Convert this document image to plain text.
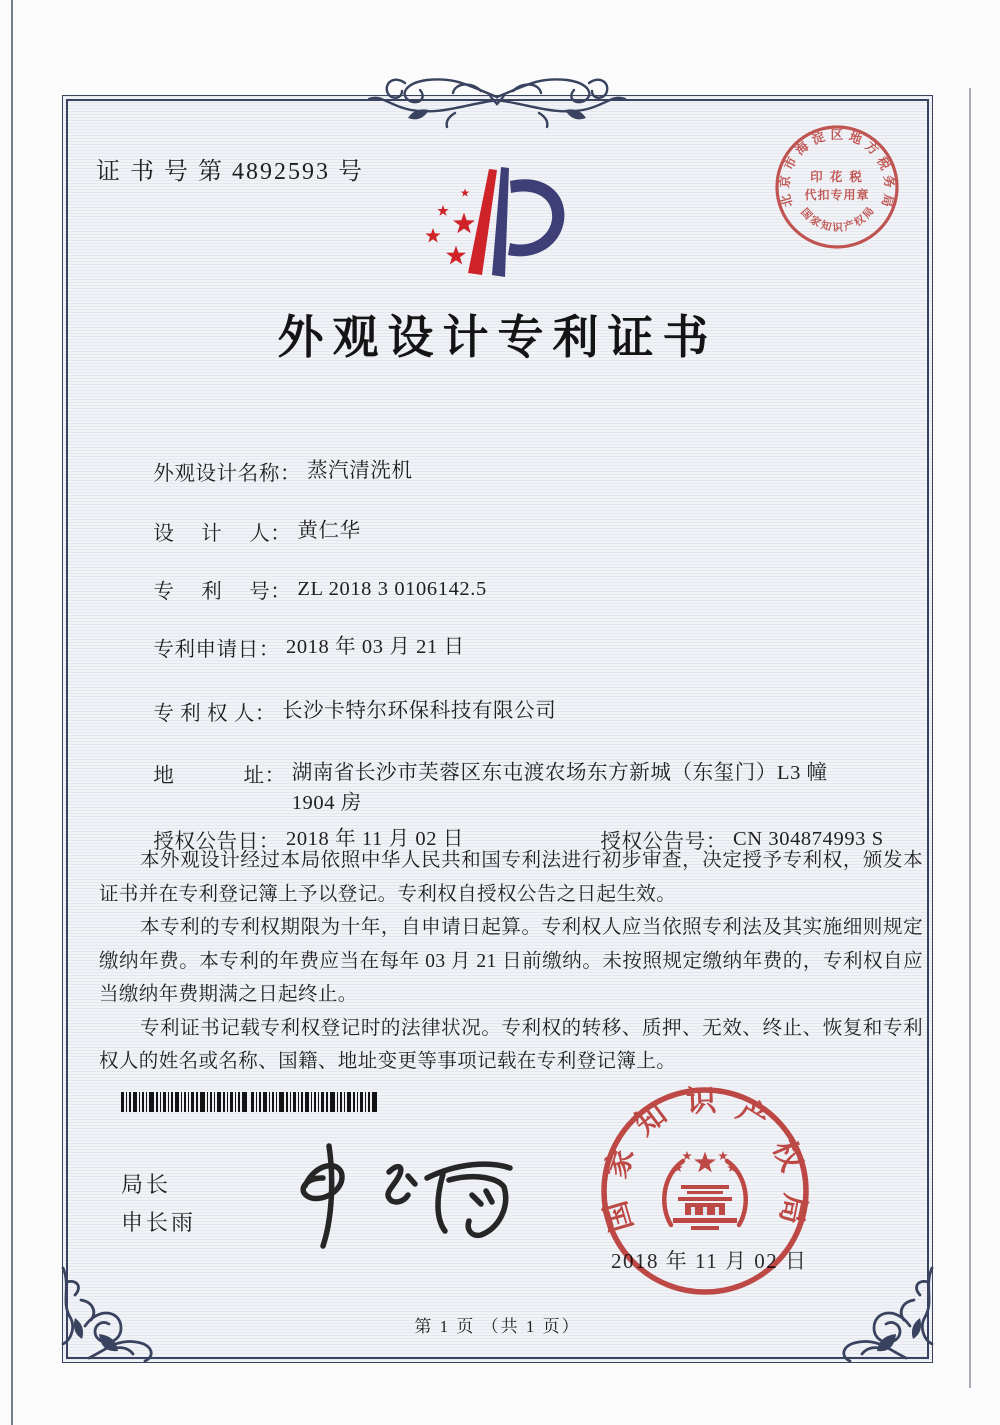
证 书 号 第 4892593 号
北京市海淀区地方税务局
国家知识产权局
印 花 税
代扣专用章
外观设计专利证书

外观设计名称： 蒸汽清洗机

设　 计　 人： 黄仁华

专　 利　 号： ZL 2018 3 0106142.5

专利申请日： 2018 年 03 月 21 日

专 利 权 人： 长沙卡特尔环保科技有限公司

地　　　 址： 湖南省长沙市芙蓉区东屯渡农场东方新城（东玺门）L3 幢
1904 房

授权公告日： 2018 年 11 月 02 日
	授权公告号： CN 304874993 S

本外观设计经过本局依照中华人民共和国专利法进行初步审查，决定授予专利权，颁发本证书并在专利登记簿上予以登记。专利权自授权公告之日起生效。

本专利的专利权期限为十年，自申请日起算。专利权人应当依照专利法及其实施细则规定缴纳年费。本专利的年费应当在每年 03 月 21 日前缴纳。未按照规定缴纳年费的，专利权自应当缴纳年费期满之日起终止。

专利证书记载专利权登记时的法律状况。专利权的转移、质押、无效、终止、恢复和专利权人的姓名或名称、国籍、地址变更等事项记载在专利登记簿上。

局长
申长雨
2018 年 11 月 02 日
国家知识产权局
第 1 页 （共 1 页）
